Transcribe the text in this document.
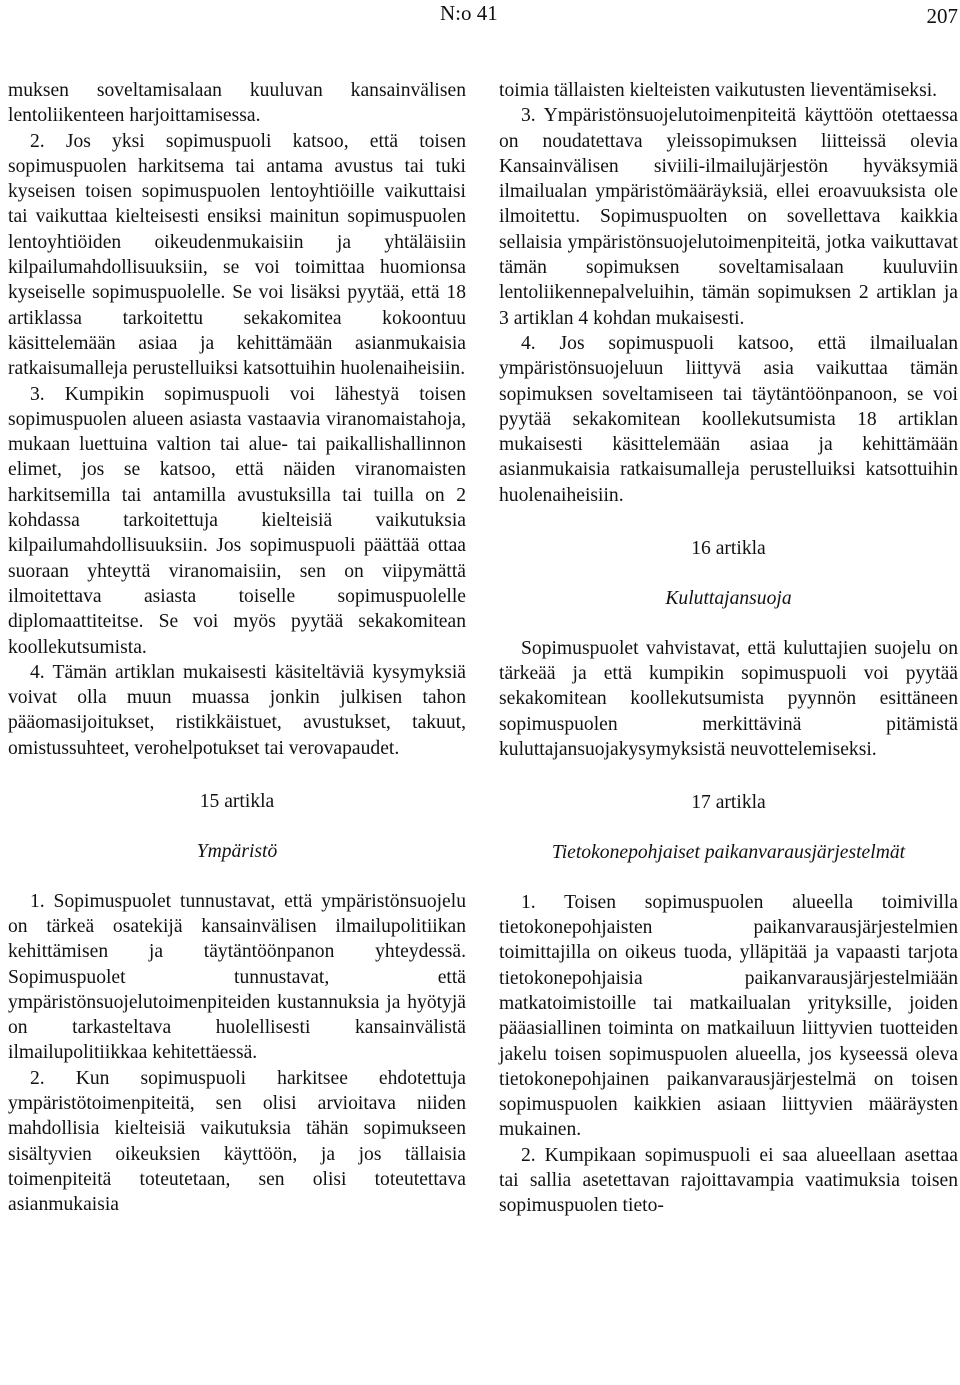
N:o 41	207

muksen soveltamisalaan kuuluvan kansainvälisen lentoliikenteen harjoittamisessa.

2. Jos yksi sopimuspuoli katsoo, että toisen sopimuspuolen harkitsema tai antama avustus tai tuki kyseisen toisen sopimuspuolen lentoyhtiöille vaikuttaisi tai vaikuttaa kielteisesti ensiksi mainitun sopimuspuolen lentoyhtiöiden oikeudenmukaisiin ja yhtäläisiin kilpailumahdollisuuksiin, se voi toimittaa huomionsa kyseiselle sopimuspuolelle. Se voi lisäksi pyytää, että 18 artiklassa tarkoitettu sekakomitea kokoontuu käsittelemään asiaa ja kehittämään asianmukaisia ratkaisumalleja perustelluiksi katsottuihin huolenaiheisiin.

3. Kumpikin sopimuspuoli voi lähestyä toisen sopimuspuolen alueen asiasta vastaavia viranomaistahoja, mukaan luettuina valtion tai alue- tai paikallishallinnon elimet, jos se katsoo, että näiden viranomaisten harkitsemilla tai antamilla avustuksilla tai tuilla on 2 kohdassa tarkoitettuja kielteisiä vaikutuksia kilpailumahdollisuuksiin. Jos sopimuspuoli päättää ottaa suoraan yhteyttä viranomaisiin, sen on viipymättä ilmoitettava asiasta toiselle sopimuspuolelle diplomaattiteitse. Se voi myös pyytää sekakomitean koollekutsumista.

4. Tämän artiklan mukaisesti käsiteltäviä kysymyksiä voivat olla muun muassa jonkin julkisen tahon pääomasijoitukset, ristikkäistuet, avustukset, takuut, omistussuhteet, verohelpotukset tai verovapaudet.

15 artikla

Ympäristö

1. Sopimuspuolet tunnustavat, että ympäristönsuojelu on tärkeä osatekijä kansainvälisen ilmailupolitiikan kehittämisen ja täytäntöönpanon yhteydessä. Sopimuspuolet tunnustavat, että ympäristönsuojelutoimenpiteiden kustannuksia ja hyötyjä on tarkasteltava huolellisesti kansainvälistä ilmailupolitiikkaa kehitettäessä.

2. Kun sopimuspuoli harkitsee ehdotettuja ympäristötoimenpiteitä, sen olisi arvioitava niiden mahdollisia kielteisiä vaikutuksia tähän sopimukseen sisältyvien oikeuksien käyttöön, ja jos tällaisia toimenpiteitä toteutetaan, sen olisi toteutettava asianmukaisia

toimia tällaisten kielteisten vaikutusten lieventämiseksi.

3. Ympäristönsuojelutoimenpiteitä käyttöön otettaessa on noudatettava yleissopimuksen liitteissä olevia Kansainvälisen siviili-ilmailujärjestön hyväksymiä ilmailualan ympäristömääräyksiä, ellei eroavuuksista ole ilmoitettu. Sopimuspuolten on sovellettava kaikkia sellaisia ympäristönsuojelutoimenpiteitä, jotka vaikuttavat tämän sopimuksen soveltamisalaan kuuluviin lentoliikennepalveluihin, tämän sopimuksen 2 artiklan ja 3 artiklan 4 kohdan mukaisesti.

4. Jos sopimuspuoli katsoo, että ilmailualan ympäristönsuojeluun liittyvä asia vaikuttaa tämän sopimuksen soveltamiseen tai täytäntöönpanoon, se voi pyytää sekakomitean koollekutsumista 18 artiklan mukaisesti käsittelemään asiaa ja kehittämään asianmukaisia ratkaisumalleja perustelluiksi katsottuihin huolenaiheisiin.

16 artikla

Kuluttajansuoja

Sopimuspuolet vahvistavat, että kuluttajien suojelu on tärkeää ja että kumpikin sopimuspuoli voi pyytää sekakomitean koollekutsumista pyynnön esittäneen sopimuspuolen merkittävinä pitämistä kuluttajansuojakysymyksistä neuvottelemiseksi.

17 artikla

Tietokonepohjaiset paikanvarausjärjestelmät

1. Toisen sopimuspuolen alueella toimivilla tietokonepohjaisten paikanvarausjärjestelmien toimittajilla on oikeus tuoda, ylläpitää ja vapaasti tarjota tietokonepohjaisia paikanvarausjärjestelmiään matkatoimistoille tai matkailualan yrityksille, joiden pääasiallinen toiminta on matkailuun liittyvien tuotteiden jakelu toisen sopimuspuolen alueella, jos kyseessä oleva tietokonepohjainen paikanvarausjärjestelmä on toisen sopimuspuolen kaikkien asiaan liittyvien määräysten mukainen.

2. Kumpikaan sopimuspuoli ei saa alueellaan asettaa tai sallia asetettavan rajoittavampia vaatimuksia toisen sopimuspuolen tieto-
